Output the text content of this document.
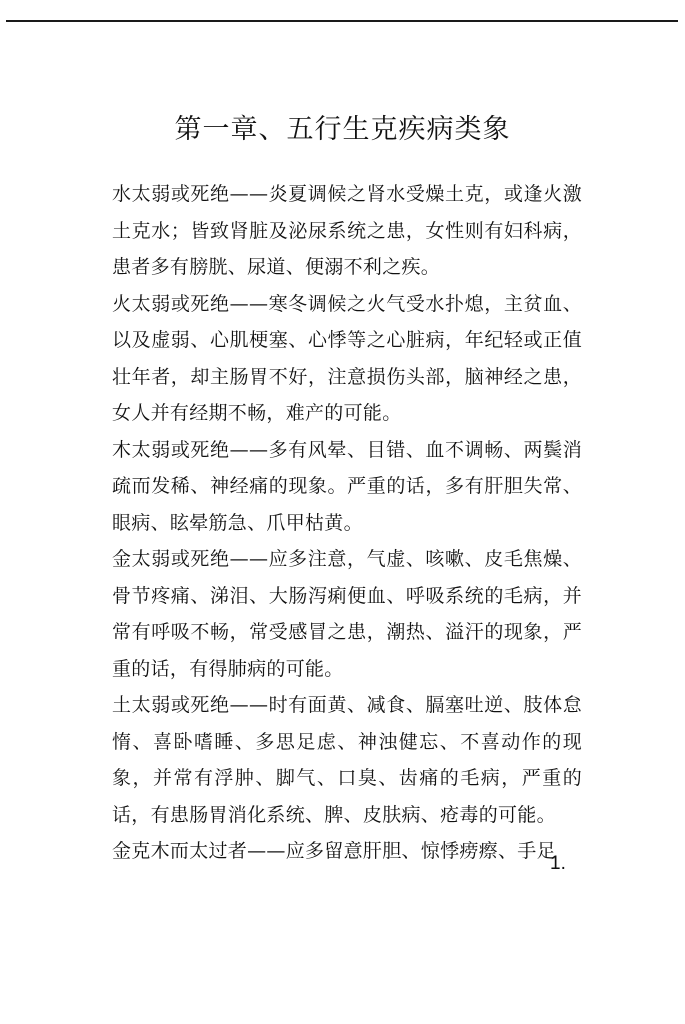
第一章、五行生克疾病类象

水太弱或死绝——炎夏调候之肾水受燥土克，或逢火激土克水；皆致肾脏及泌尿系统之患，女性则有妇科病，患者多有膀胱、尿道、便溺不利之疾。

火太弱或死绝——寒冬调候之火气受水扑熄，主贫血、以及虚弱、心肌梗塞、心悸等之心脏病，年纪轻或正值壮年者，却主肠胃不好，注意损伤头部，脑神经之患，女人并有经期不畅，难产的可能。

木太弱或死绝——多有风晕、目错、血不调畅、两鬓消疏而发稀、神经痛的现象。严重的话，多有肝胆失常、眼病、眩晕筋急、爪甲枯黄。

金太弱或死绝——应多注意，气虚、咳嗽、皮毛焦燥、骨节疼痛、涕泪、大肠泻痢便血、呼吸系统的毛病，并常有呼吸不畅，常受感冒之患，潮热、溢汗的现象，严重的话，有得肺病的可能。

土太弱或死绝——时有面黄、减食、膈塞吐逆、肢体怠惰、喜卧嗜睡、多思足虑、神浊健忘、不喜动作的现象，并常有浮肿、脚气、口臭、齿痛的毛病，严重的话，有患肠胃消化系统、脾、皮肤病、疮毒的可能。

金克木而太过者——应多留意肝胆、惊悸痨瘵、手足

1.
